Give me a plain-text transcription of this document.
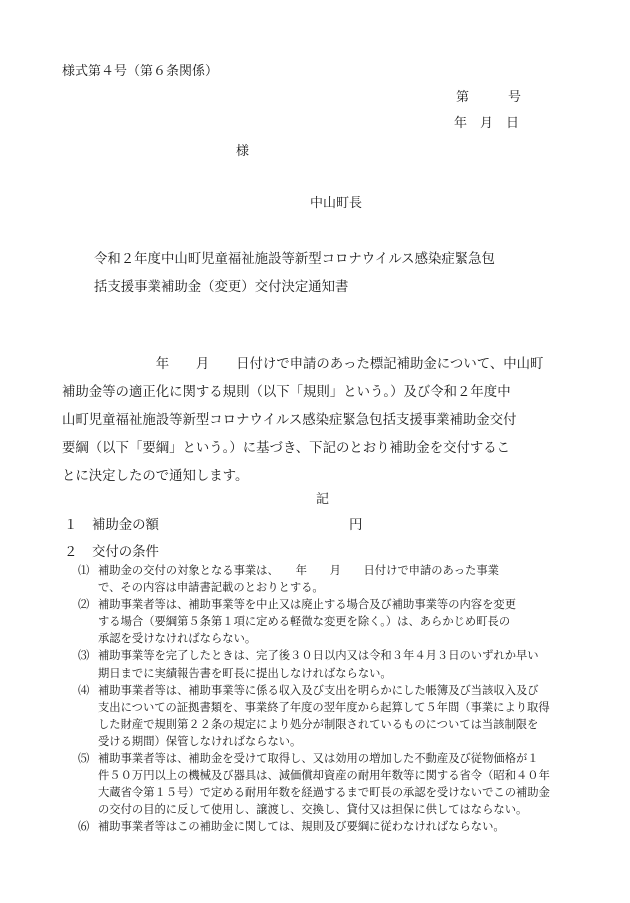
様式第４号（第６条関係）
第　　　号
年　月　日
様
中山町長
令和２年度中山町児童福祉施設等新型コロナウイルス感染症緊急包
括支援事業補助金（変更）交付決定通知書
　　　　　　　年　　月　　日付けで申請のあった標記補助金について、中山町
補助金等の適正化に関する規則（以下「規則」という。）及び令和２年度中
山町児童福祉施設等新型コロナウイルス感染症緊急包括支援事業補助金交付
要綱（以下「要綱」という。）に基づき、下記のとおり補助金を交付するこ
とに決定したので通知します。
記
１ 補助金の額	円
２ 交付の条件
⑴ 補助金の交付の対象となる事業は、　　年　　月　　日付けで申請のあった事業
で、その内容は申請書記載のとおりとする。
⑵ 補助事業者等は、補助事業等を中止又は廃止する場合及び補助事業等の内容を変更
する場合（要綱第５条第１項に定める軽微な変更を除く。）は、あらかじめ町長の
承認を受けなければならない。
⑶ 補助事業等を完了したときは、完了後３０日以内又は令和３年４月３日のいずれか早い
期日までに実績報告書を町長に提出しなければならない。
⑷ 補助事業者等は、補助事業等に係る収入及び支出を明らかにした帳簿及び当該収入及び
支出についての証拠書類を、事業終了年度の翌年度から起算して５年間（事業により取得
した財産で規則第２２条の規定により処分が制限されているものについては当該制限を
受ける期間）保管しなければならない。
⑸ 補助事業者等は、補助金を受けて取得し、又は効用の増加した不動産及び従物価格が１
件５０万円以上の機械及び器具は、減価償却資産の耐用年数等に関する省令（昭和４０年
大蔵省令第１５号）で定める耐用年数を経過するまで町長の承認を受けないでこの補助金
の交付の目的に反して使用し、譲渡し、交換し、貸付又は担保に供してはならない。
⑹ 補助事業者等はこの補助金に関しては、規則及び要綱に従わなければならない。
